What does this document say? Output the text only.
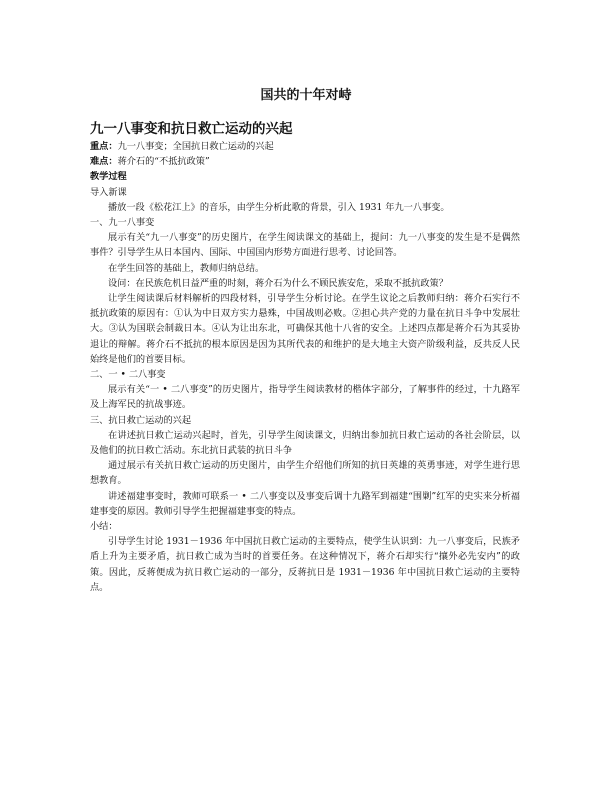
国共的十年对峙
九一八事变和抗日救亡运动的兴起

重点：九一八事变；全国抗日救亡运动的兴起

难点：蒋介石的“不抵抗政策”

教学过程

导入新课

播放一段《松花江上》的音乐，由学生分析此歌的背景，引入 1931 年九一八事变。

一、九一八事变

展示有关“九一八事变”的历史图片，在学生阅读课文的基础上，提问：九一八事变的发生是不是偶然事件？引导学生从日本国内、国际、中国国内形势方面进行思考、讨论回答。

在学生回答的基础上，教师归纳总结。

设问：在民族危机日益严重的时刻，蒋介石为什么不顾民族安危，采取不抵抗政策？

让学生阅读课后材料解析的四段材料，引导学生分析讨论。在学生议论之后教师归纳：蒋介石实行不抵抗政策的原因有：①认为中日双方实力悬殊，中国战则必败。②担心共产党的力量在抗日斗争中发展壮大。③认为国联会制裁日本。④认为让出东北，可确保其他十八省的安全。上述四点都是蒋介石为其妥协退让的辩解。蒋介石不抵抗的根本原因是因为其所代表的和维护的是大地主大资产阶级利益，反共反人民始终是他们的首要目标。

二、一 • 二八事变

展示有关“一 • 二八事变”的历史图片，指导学生阅读教材的楷体字部分，了解事件的经过，十九路军及上海军民的抗战事迹。

三、抗日救亡运动的兴起

在讲述抗日救亡运动兴起时，首先，引导学生阅读课文，归纳出参加抗日救亡运动的各社会阶层，以及他们的抗日救亡活动。东北抗日武装的抗日斗争

通过展示有关抗日救亡运动的历史图片，由学生介绍他们所知的抗日英雄的英勇事迹，对学生进行思想教育。

讲述福建事变时，教师可联系一 • 二八事变以及事变后调十九路军到福建“围剿”红军的史实来分析福建事变的原因。教师引导学生把握福建事变的特点。

小结：

引导学生讨论 1931－1936 年中国抗日救亡运动的主要特点，使学生认识到：九一八事变后，民族矛盾上升为主要矛盾，抗日救亡成为当时的首要任务。在这种情况下，蒋介石却实行“攘外必先安内”的政策。因此，反蒋便成为抗日救亡运动的一部分，反蒋抗日是 1931－1936 年中国抗日救亡运动的主要特点。
